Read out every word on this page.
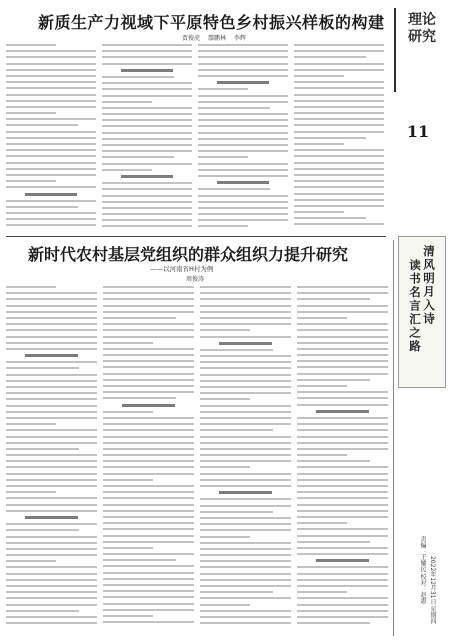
新质生产力视域下平原特色乡村振兴样板的构建
贾俊虎 鄢鹏林 李辉
理论研究
11
新时代农村基层党组织的群众组织力提升研究
——以河南省H村为例
周俊涛	清风明月入诗
读书名言汇之路
责编：王耀民 校对：赵惠 2022年12月31日 星期四
